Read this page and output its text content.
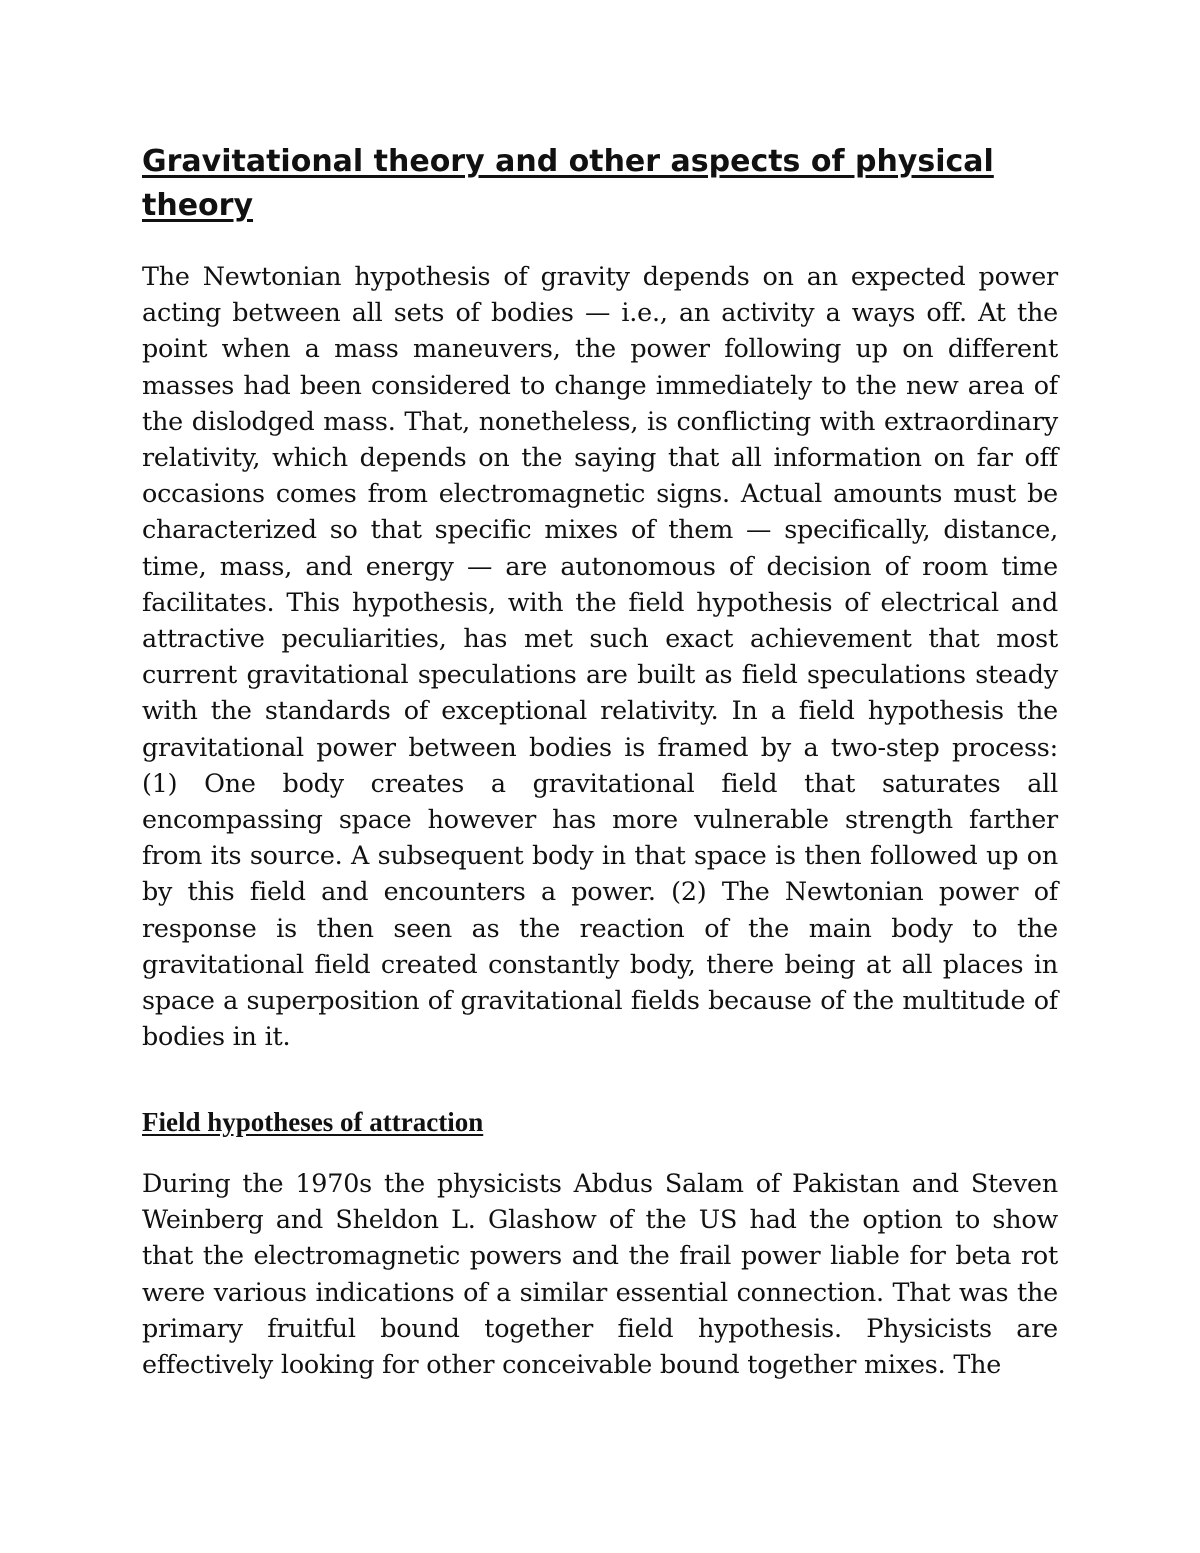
Gravitational theory and other aspects of physical theory

The Newtonian hypothesis of gravity depends on an expected power acting between all sets of bodies — i.e., an activity a ways off. At the point when a mass maneuvers, the power following up on different masses had been considered to change immediately to the new area of the dislodged mass. That, nonetheless, is conflicting with extraordinary relativity, which depends on the saying that all information on far off occasions comes from electromagnetic signs. Actual amounts must be characterized so that specific mixes of them — specifically, distance, time, mass, and energy — are autonomous of decision of room time facilitates. This hypothesis, with the field hypothesis of electrical and attractive peculiarities, has met such exact achievement that most current gravitational speculations are built as field speculations steady with the standards of exceptional relativity. In a field hypothesis the gravitational power between bodies is framed by a two-step process: (1) One body creates a gravitational field that saturates all encompassing space however has more vulnerable strength farther from its source. A subsequent body in that space is then followed up on by this field and encounters a power. (2) The Newtonian power of response is then seen as the reaction of the main body to the gravitational field created constantly body, there being at all places in space a superposition of gravitational fields because of the multitude of bodies in it.

Field hypotheses of attraction

During the 1970s the physicists Abdus Salam of Pakistan and Steven Weinberg and Sheldon L. Glashow of the US had the option to show that the electromagnetic powers and the frail power liable for beta rot were various indications of a similar essential connection. That was the primary fruitful bound together field hypothesis. Physicists are effectively looking for other conceivable bound together mixes. The
